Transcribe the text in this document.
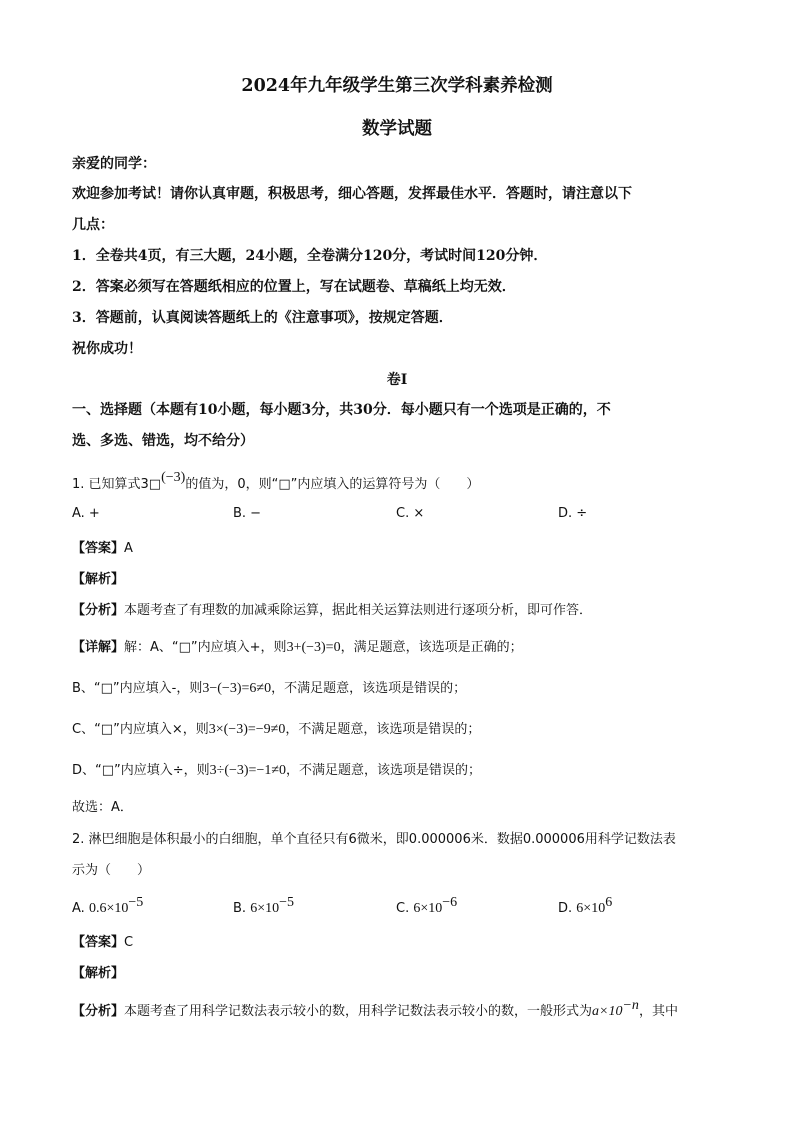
2024年九年级学生第三次学科素养检测
数学试题
亲爱的同学：
欢迎参加考试！请你认真审题，积极思考，细心答题，发挥最佳水平．答题时，请注意以下
几点：
1．全卷共4页，有三大题，24小题，全卷满分120分，考试时间120分钟．
2．答案必须写在答题纸相应的位置上，写在试题卷、草稿纸上均无效．
3．答题前，认真阅读答题纸上的《注意事项》，按规定答题．
祝你成功！
卷Ⅰ
一、选择题（本题有10小题，每小题3分，共30分．每小题只有一个选项是正确的，不
选、多选、错选，均不给分）
1. 已知算式3□(−3)的值为，0，则“□”内应填入的运算符号为（　　）
A. +	B. −	C. ×	D. ÷
【答案】A
【解析】
【分析】本题考查了有理数的加减乘除运算，据此相关运算法则进行逐项分析，即可作答．
【详解】解：A、“□”内应填入+，则3+(−3)=0，满足题意，该选项是正确的；
B、“□”内应填入-，则3−(−3)=6≠0，不满足题意，该选项是错误的；
C、“□”内应填入×，则3×(−3)=−9≠0，不满足题意，该选项是错误的；
D、“□”内应填入÷，则3÷(−3)=−1≠0，不满足题意，该选项是错误的；
故选：A．
2. 淋巴细胞是体积最小的白细胞，单个直径只有6微米，即0.000006米．数据0.000006用科学记数法表
示为（　　）
A. $0.6\times 10^{-5}$	B. $6\times 10^{-5}$	C. $6\times 10^{-6}$	D. $6\times 10^6$
【答案】C
【解析】
【分析】本题考查了用科学记数法表示较小的数，用科学记数法表示较小的数，一般形式为$a\times 10^{-n}$，其中
